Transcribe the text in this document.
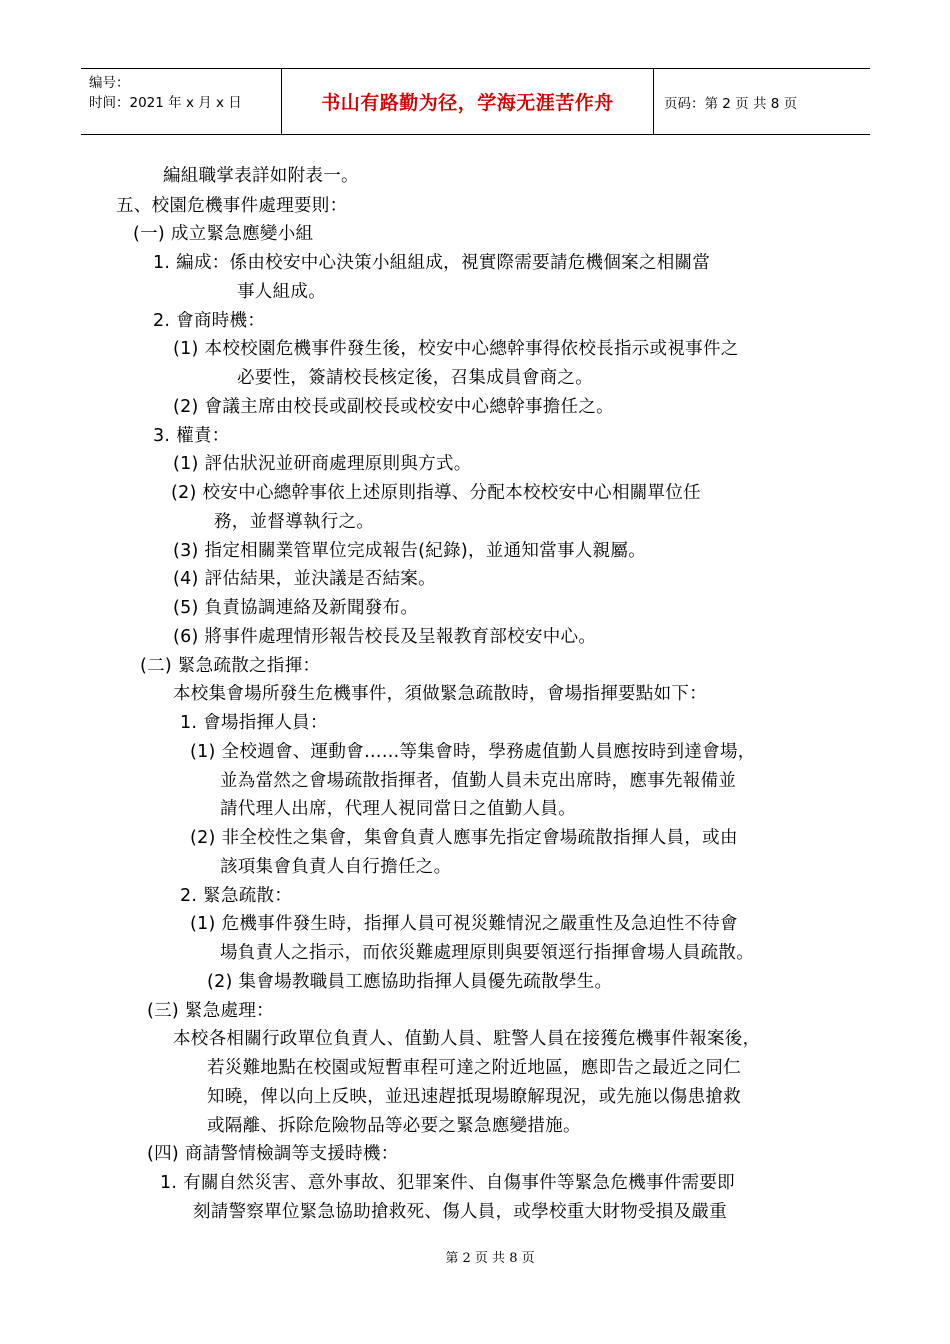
编号：
时间：2021 年 x 月 x 日	书山有路勤为径，学海无涯苦作舟	页码：第 2 页 共 8 页
編組職掌表詳如附表一。
五、校園危機事件處理要則：
(一) 成立緊急應變小組
1. 編成：係由校安中心決策小組組成，視實際需要請危機個案之相關當
事人組成。
2. 會商時機：
(1) 本校校園危機事件發生後，校安中心總幹事得依校長指示或視事件之
必要性，簽請校長核定後，召集成員會商之。
(2) 會議主席由校長或副校長或校安中心總幹事擔任之。
3. 權責：
(1) 評估狀況並研商處理原則與方式。
(2) 校安中心總幹事依上述原則指導、分配本校校安中心相關單位任
務，並督導執行之。
(3) 指定相關業管單位完成報告(紀錄)，並通知當事人親屬。
(4) 評估結果，並決議是否結案。
(5) 負責協調連絡及新聞發布。
(6) 將事件處理情形報告校長及呈報教育部校安中心。
(二) 緊急疏散之指揮：
本校集會場所發生危機事件，須做緊急疏散時，會場指揮要點如下：
1. 會場指揮人員：
(1) 全校週會、運動會……等集會時，學務處值勤人員應按時到達會場，
並為當然之會場疏散指揮者，值勤人員未克出席時，應事先報備並
請代理人出席，代理人視同當日之值勤人員。
(2) 非全校性之集會，集會負責人應事先指定會場疏散指揮人員，或由
該項集會負責人自行擔任之。
2. 緊急疏散：
(1) 危機事件發生時，指揮人員可視災難情況之嚴重性及急迫性不待會
場負責人之指示，而依災難處理原則與要領逕行指揮會場人員疏散。
(2) 集會場教職員工應協助指揮人員優先疏散學生。
(三) 緊急處理：
本校各相關行政單位負責人、值勤人員、駐警人員在接獲危機事件報案後，
若災難地點在校園或短暫車程可達之附近地區，應即告之最近之同仁
知曉，俾以向上反映，並迅速趕抵現場瞭解現況，或先施以傷患搶救
或隔離、拆除危險物品等必要之緊急應變措施。
(四) 商請警情檢調等支援時機：
1. 有關自然災害、意外事故、犯罪案件、自傷事件等緊急危機事件需要即
刻請警察單位緊急協助搶救死、傷人員，或學校重大財物受損及嚴重
第 2 页 共 8 页
